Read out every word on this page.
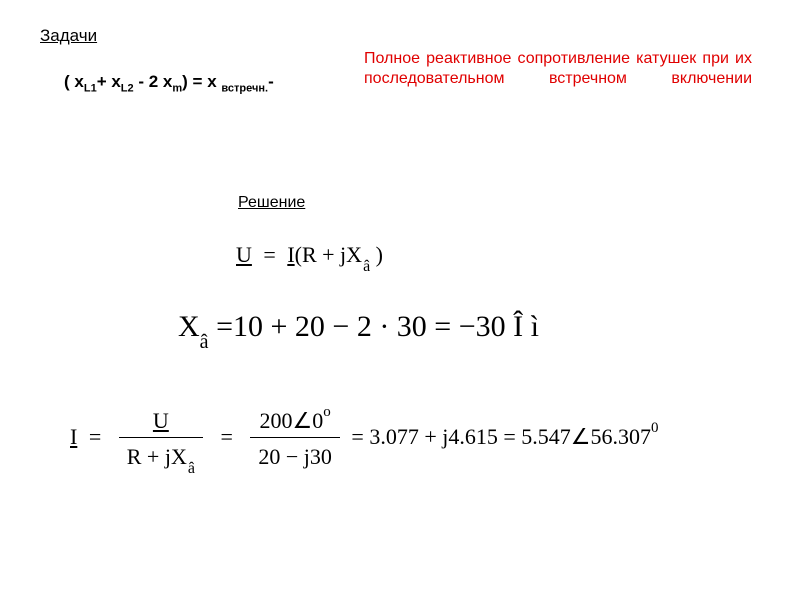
Задачи
( $x_{L1}+ x_{L2} - 2$ $x_m) = x$ $_{встречн.}$-
Полное реактивное сопротивление катушек при их последовательном встречном включении
Решение
$U = I(R + jX_â$ )
$X_â =10 + 20 - 2 \cdot 30 = -30$ Î ì
$I = \frac{U}{R + jX_â} = \frac{200\angle 0^o}{20 - j30} = 3.077 + j4.615$ = $5.547\angle 56.307^0$
